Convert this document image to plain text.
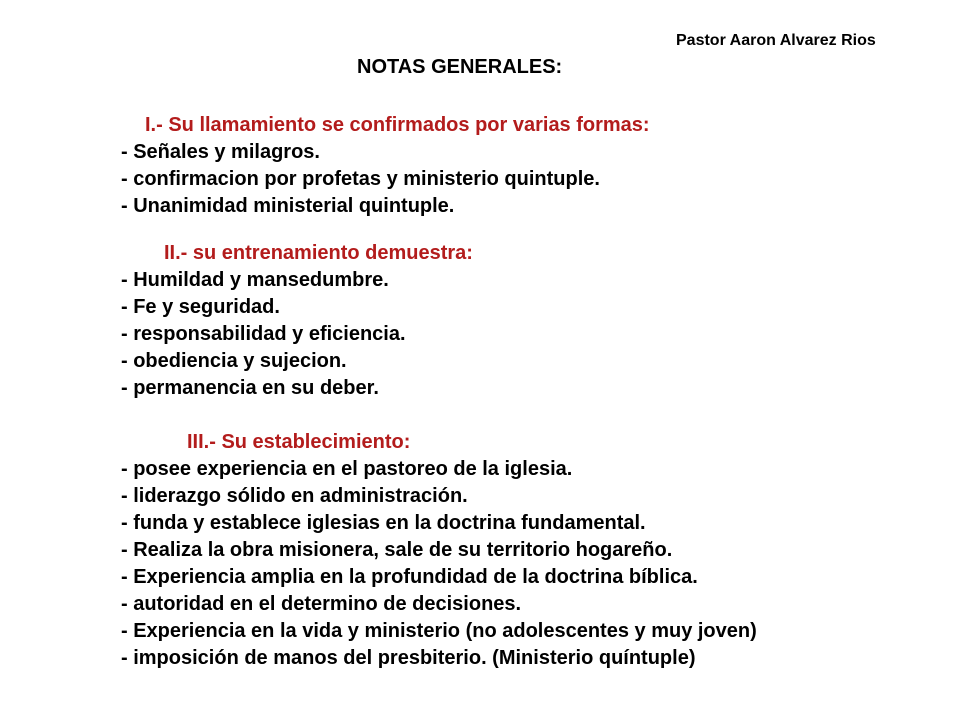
Pastor Aaron Alvarez Rios
NOTAS GENERALES:
I.- Su llamamiento se confirmados por varias formas:
- Señales y milagros.
- confirmacion por profetas y ministerio quintuple.
- Unanimidad ministerial quintuple.
II.- su entrenamiento demuestra:
- Humildad y mansedumbre.
- Fe y seguridad.
- responsabilidad y eficiencia.
- obediencia y sujecion.
- permanencia en su deber.
III.- Su establecimiento:
- posee experiencia en el pastoreo de la iglesia.
- liderazgo sólido en administración.
- funda y establece iglesias en la doctrina fundamental.
- Realiza la obra misionera, sale de su territorio hogareño.
- Experiencia amplia en la profundidad de la doctrina bíblica.
- autoridad en el determino de decisiones.
- Experiencia en la vida y ministerio (no adolescentes y muy joven)
- imposición de manos del presbiterio. (Ministerio quíntuple)
